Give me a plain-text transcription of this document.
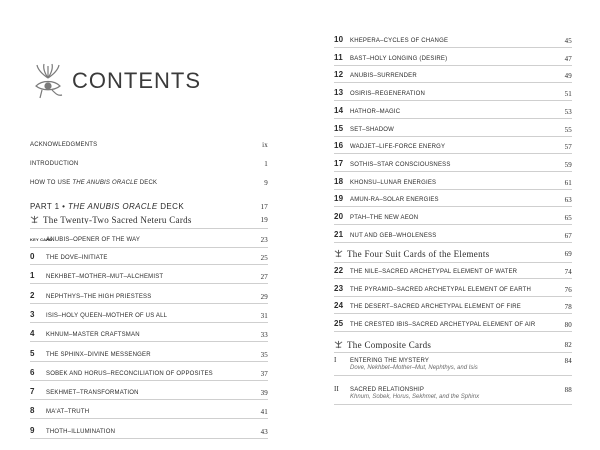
CONTENTS
ACKNOWLEDGMENTS	ix
INTRODUCTION	1
HOW TO USE THE ANUBIS ORACLE DECK	9
PART 1 • THE ANUBIS ORACLE DECK	17
The Twenty-Two Sacred Neteru Cards	19
KEY CARDANUBIS–OPENER OF THE WAY	23
0 THE DOVE–INITIATE	25
1 NEKHBET–MOTHER–MUT–ALCHEMIST	27
2 NEPHTHYS–THE HIGH PRIESTESS	29
3 ISIS–HOLY QUEEN–MOTHER OF US ALL	31
4 KHNUM–MASTER CRAFTSMAN	33
5 THE SPHINX–DIVINE MESSENGER	35
6 SOBEK AND HORUS–RECONCILIATION OF OPPOSITES	37
7 SEKHMET–TRANSFORMATION	39
8 MA'AT–TRUTH	41
9 THOTH–ILLUMINATION	43
10 KHEPERA–CYCLES OF CHANGE	45
11 BAST–HOLY LONGING (DESIRE)	47
12 ANUBIS–SURRENDER	49
13 OSIRIS–REGENERATION	51
14 HATHOR–MAGIC	53
15 SET–SHADOW	55
16 WADJET–LIFE-FORCE ENERGY	57
17 SOTHIS–STAR CONSCIOUSNESS	59
18 KHONSU–LUNAR ENERGIES	61
19 AMUN-RA–SOLAR ENERGIES	63
20 PTAH–THE NEW AEON	65
21 NUT AND GEB–WHOLENESS	67
The Four Suit Cards of the Elements	69
22 THE NILE–SACRED ARCHETYPAL ELEMENT OF WATER	74
23 THE PYRAMID–SACRED ARCHETYPAL ELEMENT OF EARTH	76
24 THE DESERT–SACRED ARCHETYPAL ELEMENT OF FIRE	78
25 THE CRESTED IBIS–SACRED ARCHETYPAL ELEMENT OF AIR	80
The Composite Cards	82
I ENTERING THE MYSTERY	84
Dove, Nekhbet–Mother–Mut, Nephthys, and Isis
II SACRED RELATIONSHIP	88
Khnum, Sobek, Horus, Sekhmet, and the Sphinx
